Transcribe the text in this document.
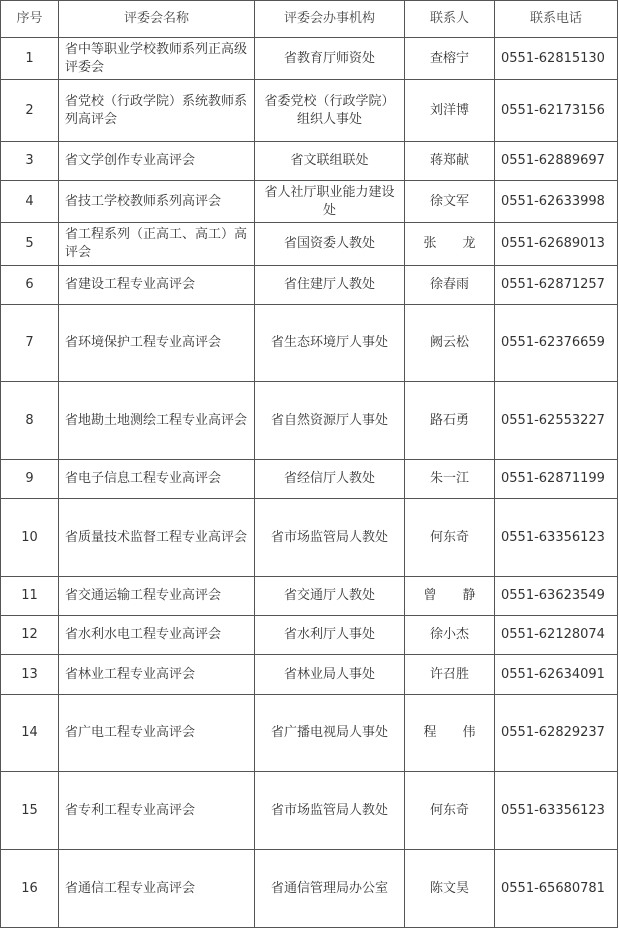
序号	评委会名称	评委会办事机构	联系人	联系电话
1	省中等职业学校教师系列正高级评委会	省教育厅师资处	查榕宁	0551-62815130
2	省党校（行政学院）系统教师系列高评会	省委党校（行政学院）组织人事处	刘洋博	0551-62173156
3	省文学创作专业高评会	省文联组联处	蒋郑献	0551-62889697
4	省技工学校教师系列高评会	省人社厅职业能力建设处	徐文军	0551-62633998
5	省工程系列（正高工、高工）高评会	省国资委人教处	张　　龙	0551-62689013
6	省建设工程专业高评会	省住建厅人教处	徐春雨	0551-62871257
7	省环境保护工程专业高评会	省生态环境厅人事处	阙云松	0551-62376659
8	省地勘土地测绘工程专业高评会	省自然资源厅人事处	路石勇	0551-62553227
9	省电子信息工程专业高评会	省经信厅人教处	朱一江	0551-62871199
10	省质量技术监督工程专业高评会	省市场监管局人教处	何东奇	0551-63356123
11	省交通运输工程专业高评会	省交通厅人教处	曾　　静	0551-63623549
12	省水利水电工程专业高评会	省水利厅人事处	徐小杰	0551-62128074
13	省林业工程专业高评会	省林业局人事处	许召胜	0551-62634091
14	省广电工程专业高评会	省广播电视局人事处	程　　伟	0551-62829237
15	省专利工程专业高评会	省市场监管局人教处	何东奇	0551-63356123
16	省通信工程专业高评会	省通信管理局办公室	陈文昊	0551-65680781
